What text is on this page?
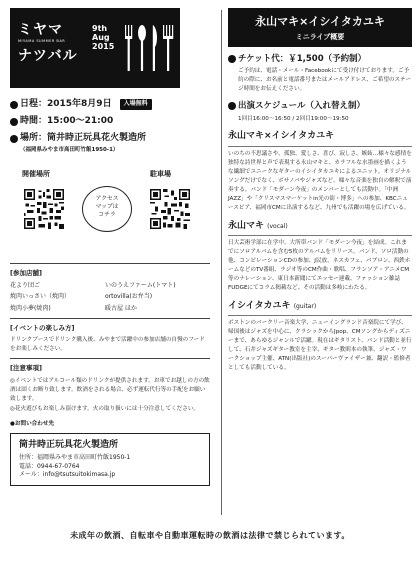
ミヤマ
MIYAMA SUMMER BAR
ナツバル
9th
Aug
2015
日程：2015年8月9日	入場無料
時間：15:00～21:00
場所：筒井時正玩具花火製造所
（福岡県みやま市高田町竹飯1950-1）
開催場所	駐車場
アクセス
マップは
コチラ
[参加店舗]
花より団ご	いのうえファーム(トマト)
焼肉いっさい（焼肉）	ortovilla(お弁当)
焼肉小夢(焼肉)	暖古屋 ほか
[イベントの楽しみ方]
ドリンクブースでドリンク購入後、みやまで活躍中の参加店舗の自慢のフードをお楽しみください。
[注意事項]
◎イベントではアルコール類のドリンクが提供されます。お車でお越しの方の飲酒は固くお断り致します。飲酒をされる場合、必ず運転代行等の手配をお願い致します。
◎花火遊びもお楽しみ頂けます。火の取り扱いには十分注意してください。
●お問い合わせ先
筒井時正玩具花火製造所
住所：福岡県みやま市高田町竹飯1950-1
電話：0944-67-0764
メール：info@tsutsuitokimasa.jp
永山マキ×イシイタカユキ
ミニライブ概要
チケット代：￥1,500（予約制）
ご予約は、電話・メール・Facebookにて受け付けております。ご予約の際に、お名前と電話番号またはメールアドレス、ご希望のステージ時間をお伝えください。
出演スケジュール（入れ替え制）
1回目16:00～16:50 / 2回目19:00～19:50
永山マキ×イシイタカユキ
いのちの不思議さや、孤独、愛しさ、喜び、寂しさ、嫉妬…様々な感情を独特な詩世界と声で表現する永山マキと、カラフルな水墨画を描くような繊細でユニークなギターのイシイタカユキによるユニット。オリジナルソングだけでなく、ボサノバやジャズなど、様々な音楽を独自の解釈で演奏する。バンド「モダーン今夜」のメンバーとしても活動中。「中洲JAZZ」や「クリスマスマーケットin光の街・博多」への参加、KBCニュースピア、福岡市CMに出演するなど、九州でも活躍の場を広げている。
永山マキ (vocal)
日大芸術学部に在学中、大所帯バンド「モダーン今夜」を結成。これまでにソロアルバムを含む5枚のアルバムをリリース。バンド、ソロ活動の他、コンピレーションCDの参加、J民放、ネスカフェ、パブロン、西鉄ホームなどのTV番組、ラジオ等のCM作曲・歌唱、フランソア・アニメCM等のナレーション、東日本新聞にてエッセー連載、ファッション雑誌FUDGEにてコラム掲載など、その活動は多岐にわたる。
イシイタカユキ (guitar)
ボストンのバークリー音楽大学、ニューイングランド音楽院にて学び、帰国後はジャズを中心に、クラシックからJpop、CMソングからディズニーまで、あらゆるジャンルで活躍。現在はギタリスト、バンド活動と並行して、石井ジャズギター教室を主宰、ギター教則本の執筆、ジャズ・ワークショップ主催、ATN(出版社)のスーパーヴァイザー兼、翻訳・監修者としても活動している。
未成年の飲酒、自転車や自動車運転時の飲酒は法律で禁じられています。
